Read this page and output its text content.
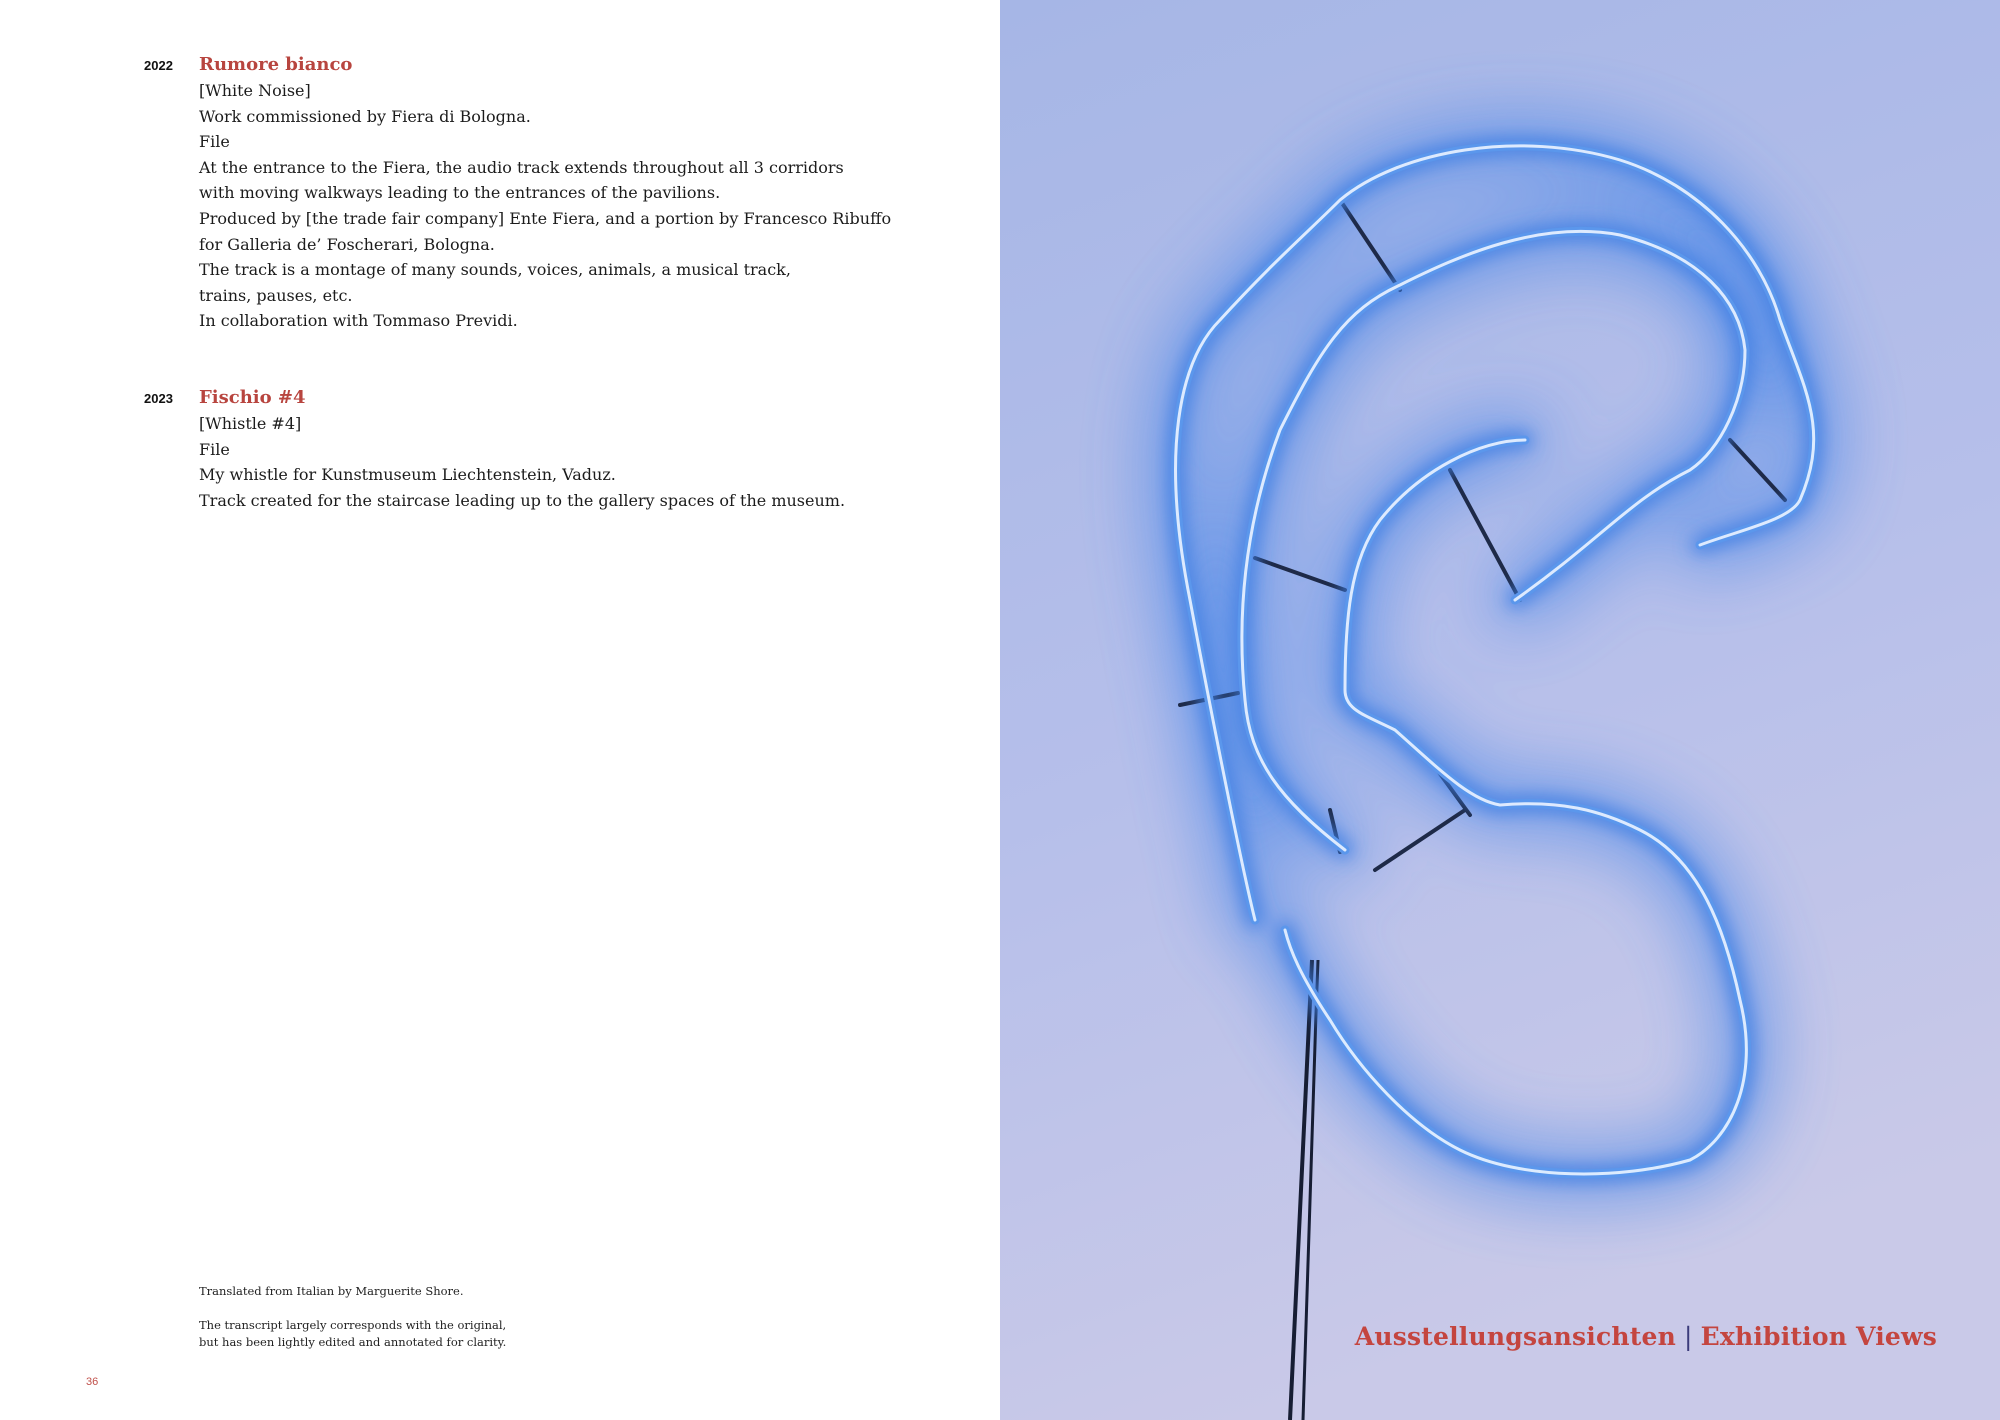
2022 Rumore bianco
[White Noise]
Work commissioned by Fiera di Bologna.
File
At the entrance to the Fiera, the audio track extends throughout all 3 corridors
with moving walkways leading to the entrances of the pavilions.
Produced by [the trade fair company] Ente Fiera, and a portion by Francesco Ribuffo
for Galleria de’ Foscherari, Bologna.
The track is a montage of many sounds, voices, animals, a musical track,
trains, pauses, etc.
In collaboration with Tommaso Previdi.
2023 Fischio #4
[Whistle #4]
File
My whistle for Kunstmuseum Liechtenstein, Vaduz.
Track created for the staircase leading up to the gallery spaces of the museum.
Translated from Italian by Marguerite Shore.
The transcript largely corresponds with the original,
but has been lightly edited and annotated for clarity.
36
Ausstellungsansichten | Exhibition Views
